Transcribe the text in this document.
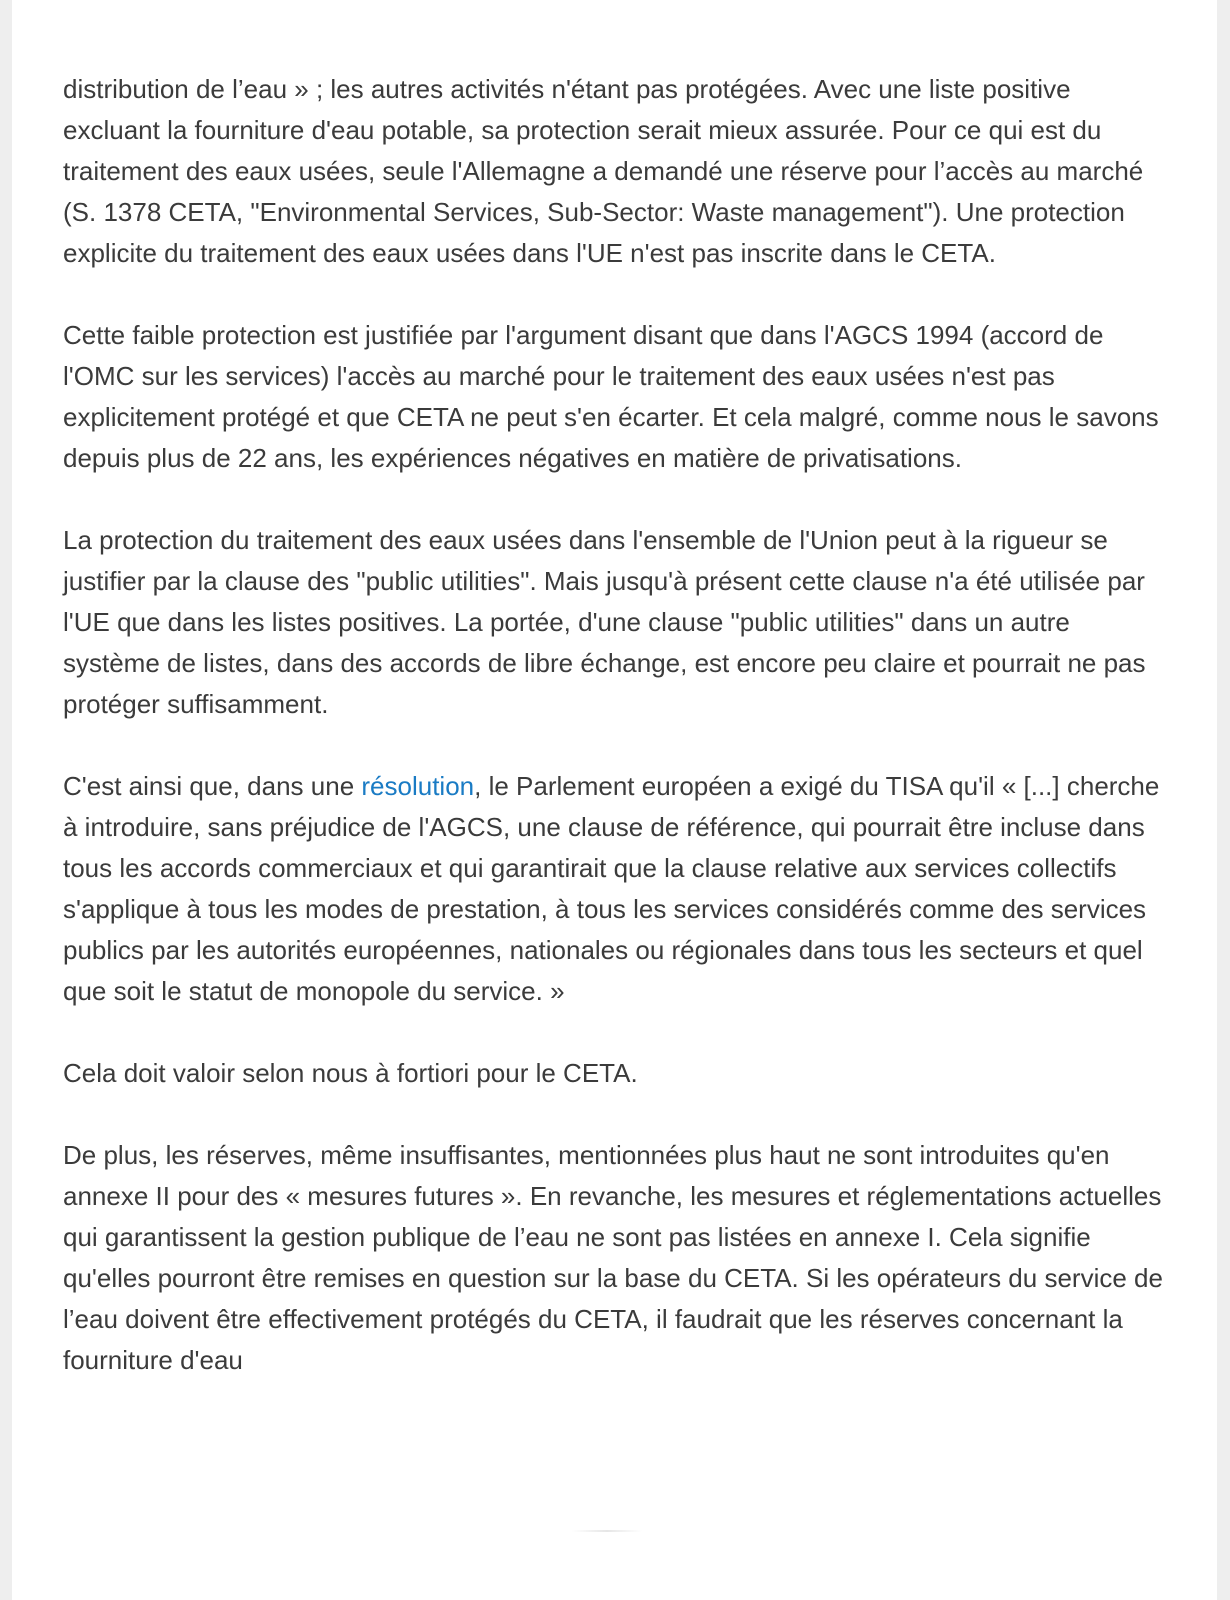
distribution de l’eau » ; les autres activités n'étant pas protégées. Avec une liste positive excluant la fourniture d'eau potable, sa protection serait mieux assurée. Pour ce qui est du traitement des eaux usées, seule l'Allemagne a demandé une réserve pour l’accès au marché (S. 1378 CETA, "Environmental Services, Sub-Sector: Waste management"). Une protection explicite du traitement des eaux usées dans l'UE n'est pas inscrite dans le CETA.

Cette faible protection est justifiée par l'argument disant que dans l'AGCS 1994 (accord de l'OMC sur les services) l'accès au marché pour le traitement des eaux usées n'est pas explicitement protégé et que CETA ne peut s'en écarter. Et cela malgré, comme nous le savons depuis plus de 22 ans, les expériences négatives en matière de privatisations.

La protection du traitement des eaux usées dans l'ensemble de l'Union peut à la rigueur se justifier par la clause des "public utilities". Mais jusqu'à présent cette clause n'a été utilisée par l'UE que dans les listes positives. La portée, d'une clause "public utilities" dans un autre système de listes, dans des accords de libre échange, est encore peu claire et pourrait ne pas protéger suffisamment.

C'est ainsi que, dans une résolution, le Parlement européen a exigé du TISA qu'il « [...] cherche à introduire, sans préjudice de l'AGCS, une clause de référence, qui pourrait être incluse dans tous les accords commerciaux et qui garantirait que la clause relative aux services collectifs s'applique à tous les modes de prestation, à tous les services considérés comme des services publics par les autorités européennes, nationales ou régionales dans tous les secteurs et quel que soit le statut de monopole du service. »

Cela doit valoir selon nous à fortiori pour le CETA.

De plus, les réserves, même insuffisantes, mentionnées plus haut ne sont introduites qu'en annexe II pour des « mesures futures ». En revanche, les mesures et réglementations actuelles qui garantissent la gestion publique de l’eau ne sont pas listées en annexe I. Cela signifie qu'elles pourront être remises en question sur la base du CETA. Si les opérateurs du service de l’eau doivent être effectivement protégés du CETA, il faudrait que les réserves concernant la fourniture d'eau
